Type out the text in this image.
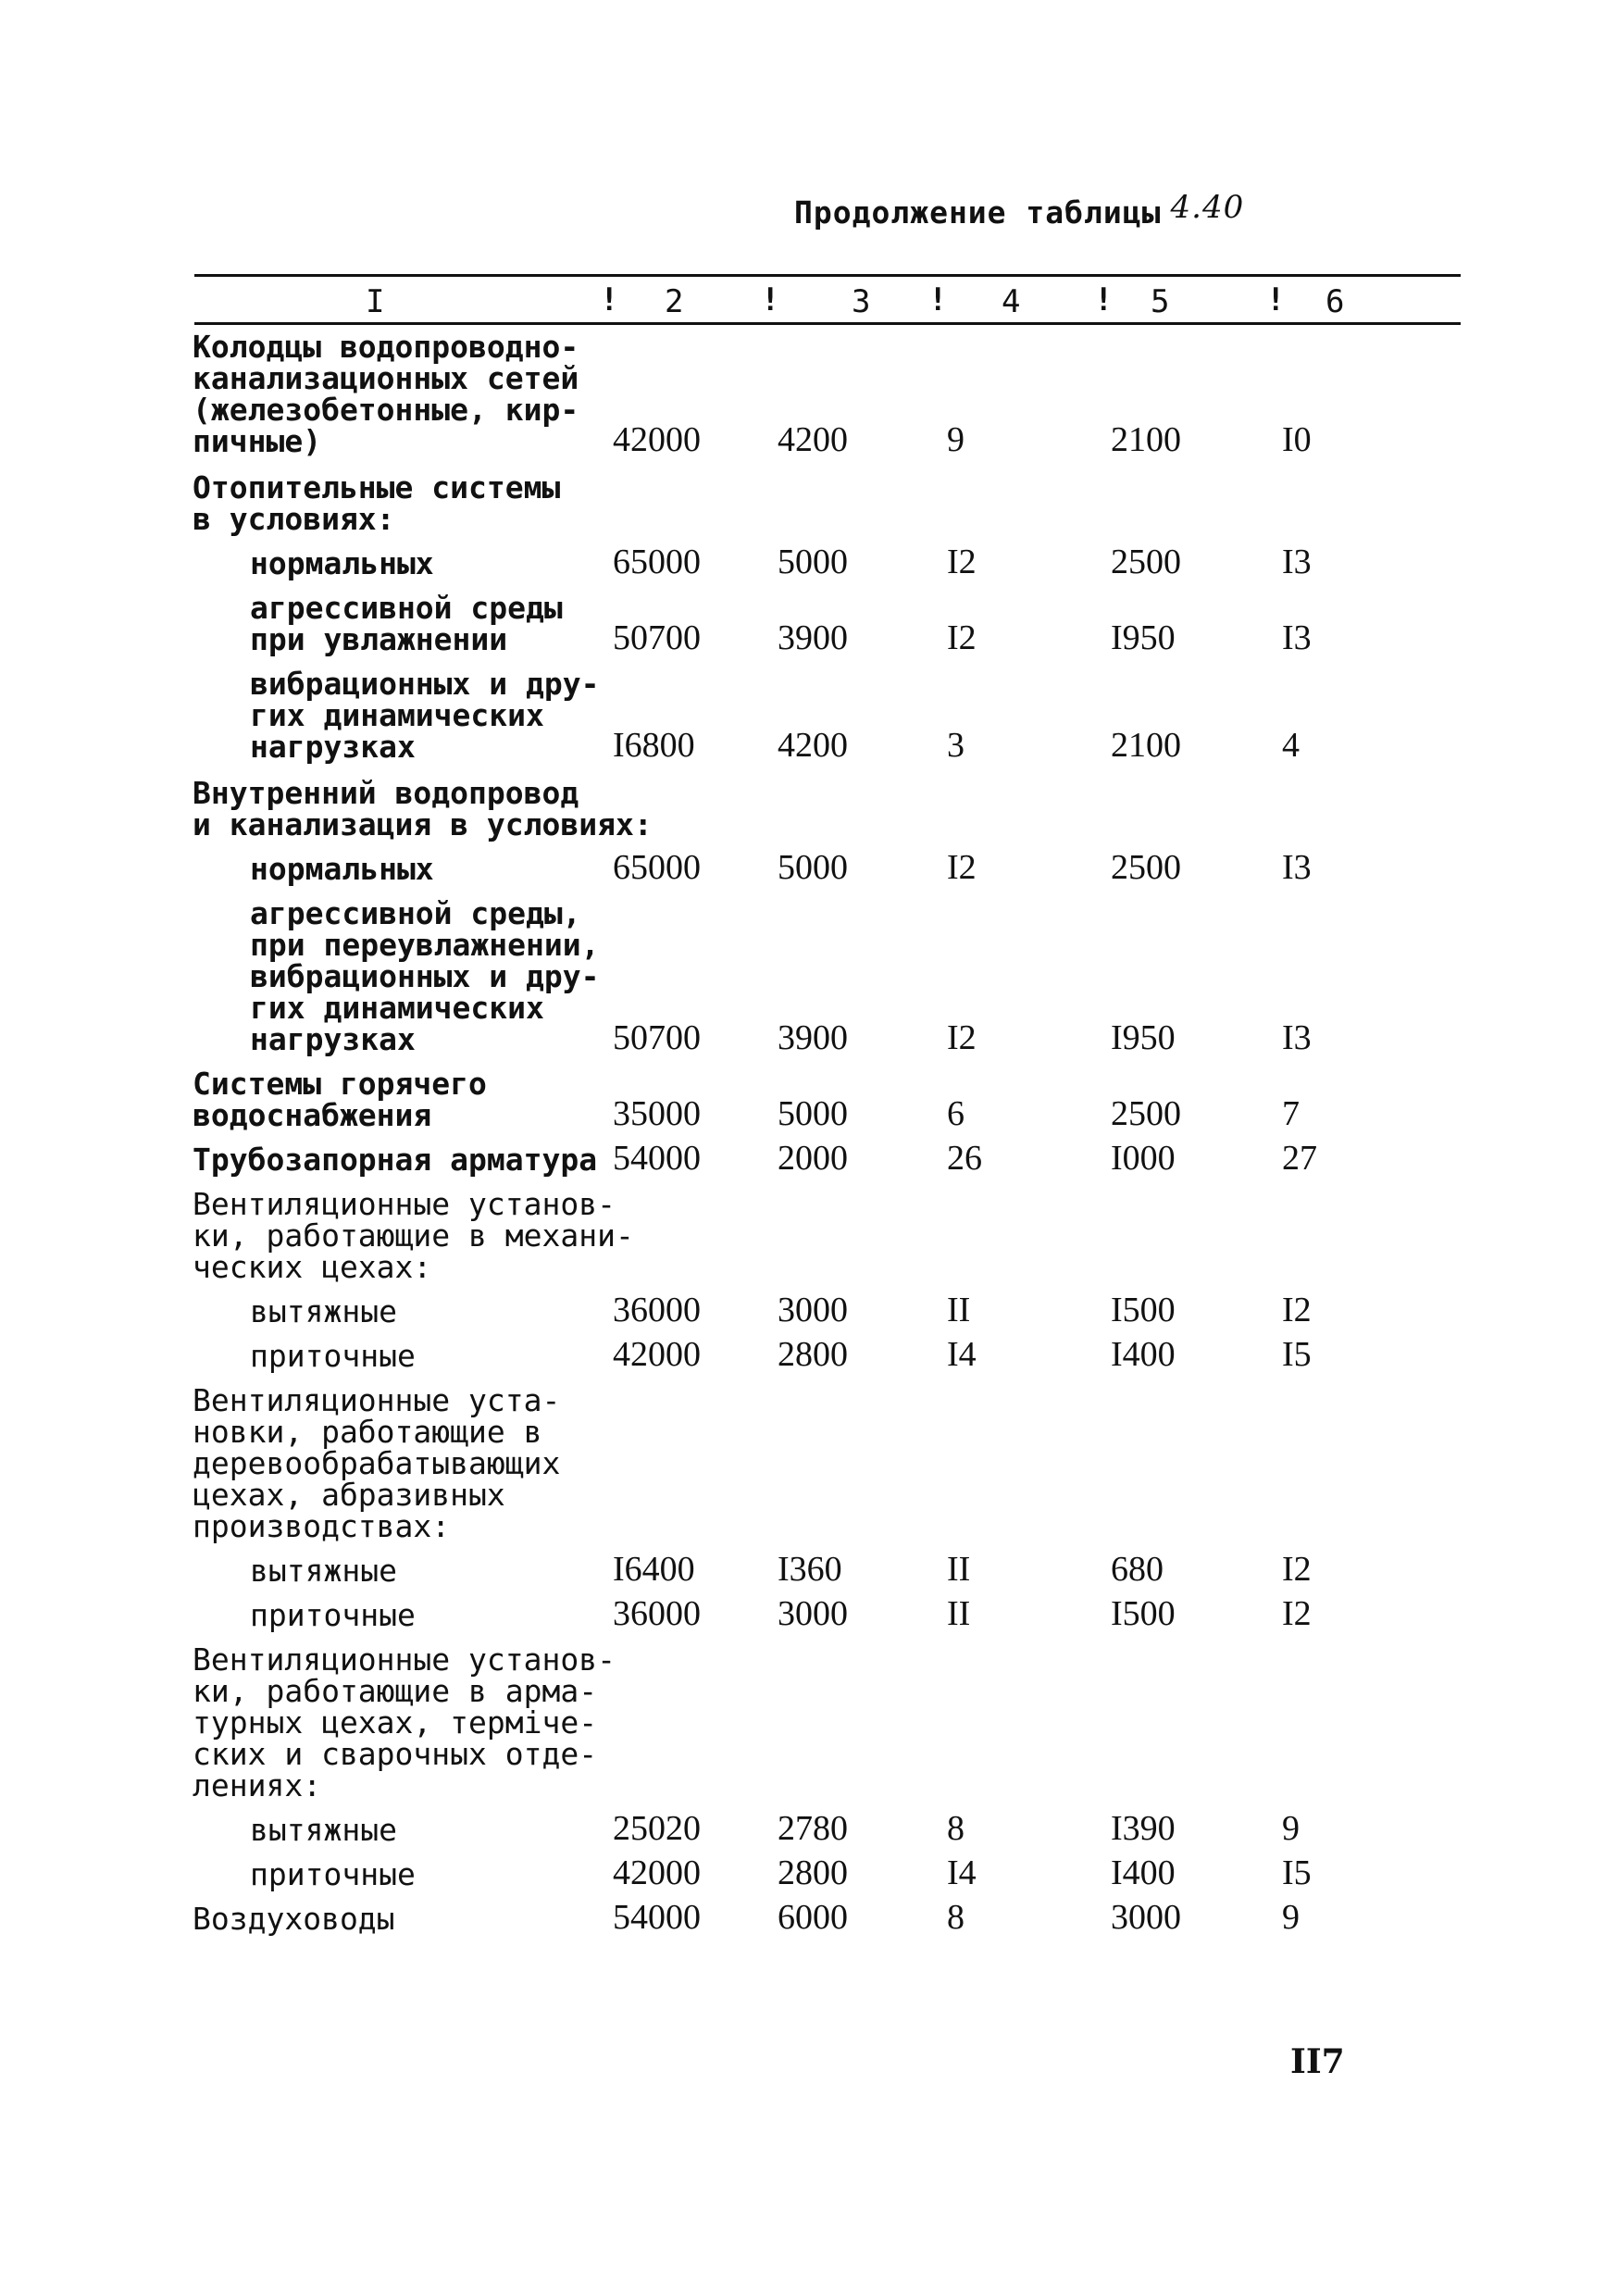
Продолжение таблицы 4.40
I	! 2 ! 3 ! 4 ! 5	! 6
Колодцы водопроводно-
канализационных сетей
(железобетонные, кир-
пичные)	42000 4200	9	2100	I0
Отопительные системы
в условиях:
нормальных	65000 5000	I2	2500	I3
агрессивной среды
при увлажнении	50700 3900	I2	I950	I3
вибрационных и дру-
гих динамических
нагрузках	I6800 4200	3	2100	4
Внутренний водопровод
и канализация в условиях:
нормальных	65000 5000	I2	2500	I3
агрессивной среды,
при переувлажнении,
вибрационных и дру-
гих динамических
нагрузках	50700 3900	I2	I950	I3
Системы горячего
водоснабжения	35000 5000	6	2500	7
Трубозапорная арматура 54000 2000	26	I000	27
Вентиляционные установ-
ки, работающие в механи-
ческих цехах:
вытяжные	36000 3000	II	I500	I2
приточные	42000 2800	I4	I400	I5
Вентиляционные уста-
новки, работающие в
деревообрабатывающих
цехах, абразивных
производствах:
вытяжные	I6400 I360	II	680	I2
приточные	36000 3000	II	I500	I2
Вентиляционные установ-
ки, работающие в арма-
турных цехах, терміче-
ских и сварочных отде-
лениях:
вытяжные	25020 2780	8	I390	9
приточные	42000 2800	I4	I400	I5
Воздуховоды	54000 6000	8	3000	9
II7
